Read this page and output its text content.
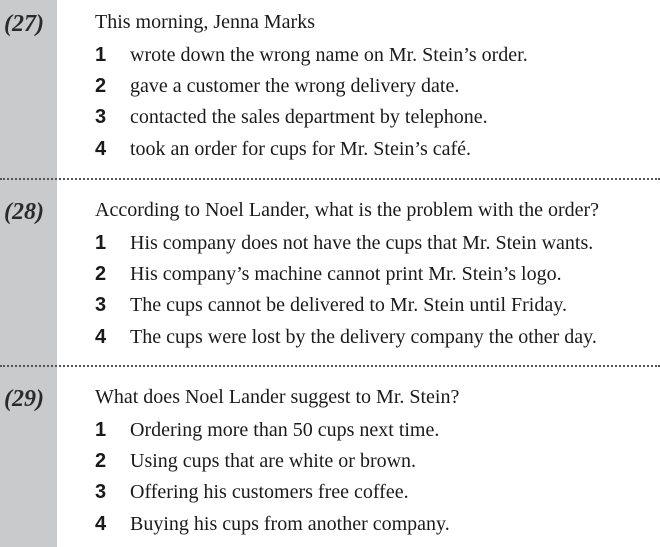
(27)	This morning, Jenna Marks
1 wrote down the wrong name on Mr. Stein’s order.
2 gave a customer the wrong delivery date.
3 contacted the sales department by telephone.
4 took an order for cups for Mr. Stein’s café.
(28)	According to Noel Lander, what is the problem with the order?
1 His company does not have the cups that Mr. Stein wants.
2 His company’s machine cannot print Mr. Stein’s logo.
3 The cups cannot be delivered to Mr. Stein until Friday.
4 The cups were lost by the delivery company the other day.
(29)	What does Noel Lander suggest to Mr. Stein?
1 Ordering more than 50 cups next time.
2 Using cups that are white or brown.
3 Offering his customers free coffee.
4 Buying his cups from another company.
